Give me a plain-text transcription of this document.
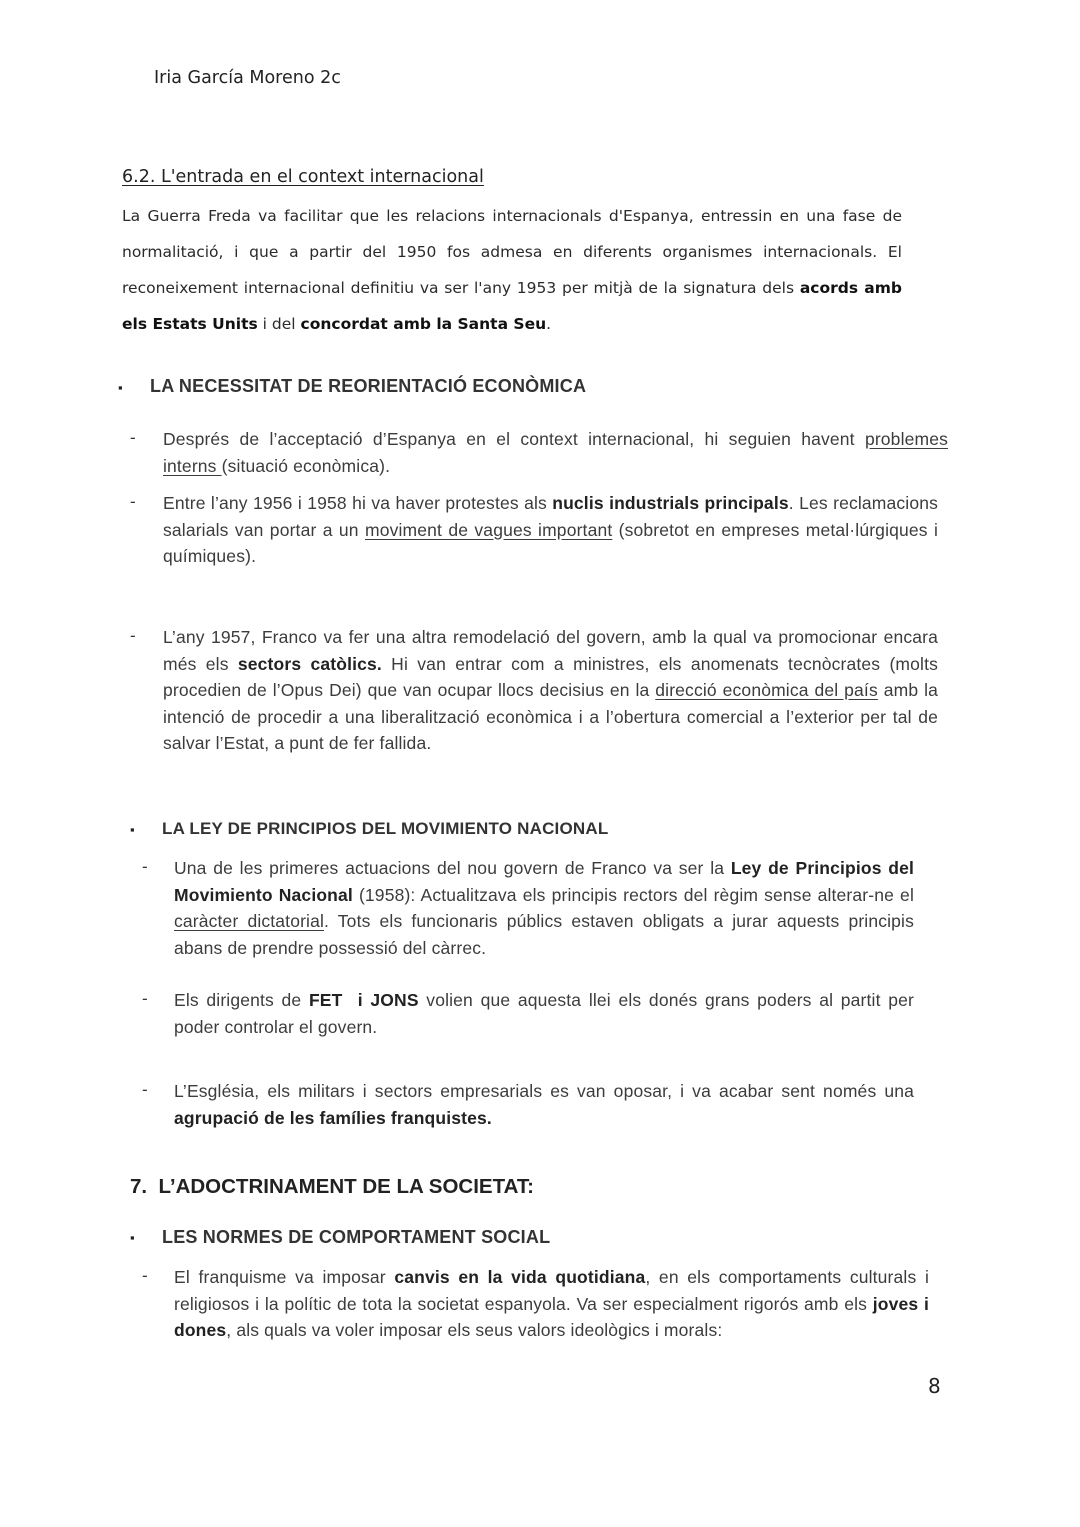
Iria García Moreno 2c
6.2. L'entrada en el context internacional
La Guerra Freda va facilitar que les relacions internacionals d'Espanya, entressin en una fase de normalitació, i que a partir del 1950 fos admesa en diferents organismes internacionals. El reconeixement internacional definitiu va ser l'any 1953 per mitjà de la signatura dels acords amb els Estats Units i del concordat amb la Santa Seu.
▪ LA NECESSITAT DE REORIENTACIÓ ECONÒMICA
- Després de l’acceptació d’Espanya en el context internacional, hi seguien havent problemes interns (situació econòmica).
- Entre l’any 1956 i 1958 hi va haver protestes als nuclis industrials principals. Les reclamacions salarials van portar a un moviment de vagues important (sobretot en empreses metal·lúrgiques i químiques).
- L’any 1957, Franco va fer una altra remodelació del govern, amb la qual va promocionar encara més els sectors catòlics. Hi van entrar com a ministres, els anomenats tecnòcrates (molts procedien de l’Opus Dei) que van ocupar llocs decisius en la direcció econòmica del país amb la intenció de procedir a una liberalització econòmica i a l’obertura comercial a l’exterior per tal de salvar l’Estat, a punt de fer fallida.
▪ LA LEY DE PRINCIPIOS DEL MOVIMIENTO NACIONAL
- Una de les primeres actuacions del nou govern de Franco va ser la Ley de Principios del Movimiento Nacional (1958): Actualitzava els principis rectors del règim sense alterar-ne el caràcter dictatorial. Tots els funcionaris públics estaven obligats a jurar aquests principis abans de prendre possessió del càrrec.
- Els dirigents de FET  i JONS volien que aquesta llei els donés grans poders al partit per poder controlar el govern.
- L’Església, els militars i sectors empresarials es van oposar, i va acabar sent només una agrupació de les famílies franquistes.
7.  L’ADOCTRINAMENT DE LA SOCIETAT:
▪ LES NORMES DE COMPORTAMENT SOCIAL
- El franquisme va imposar canvis en la vida quotidiana, en els comportaments culturals i religiosos i la polític de tota la societat espanyola. Va ser especialment rigorós amb els joves i dones, als quals va voler imposar els seus valors ideològics i morals:
8
